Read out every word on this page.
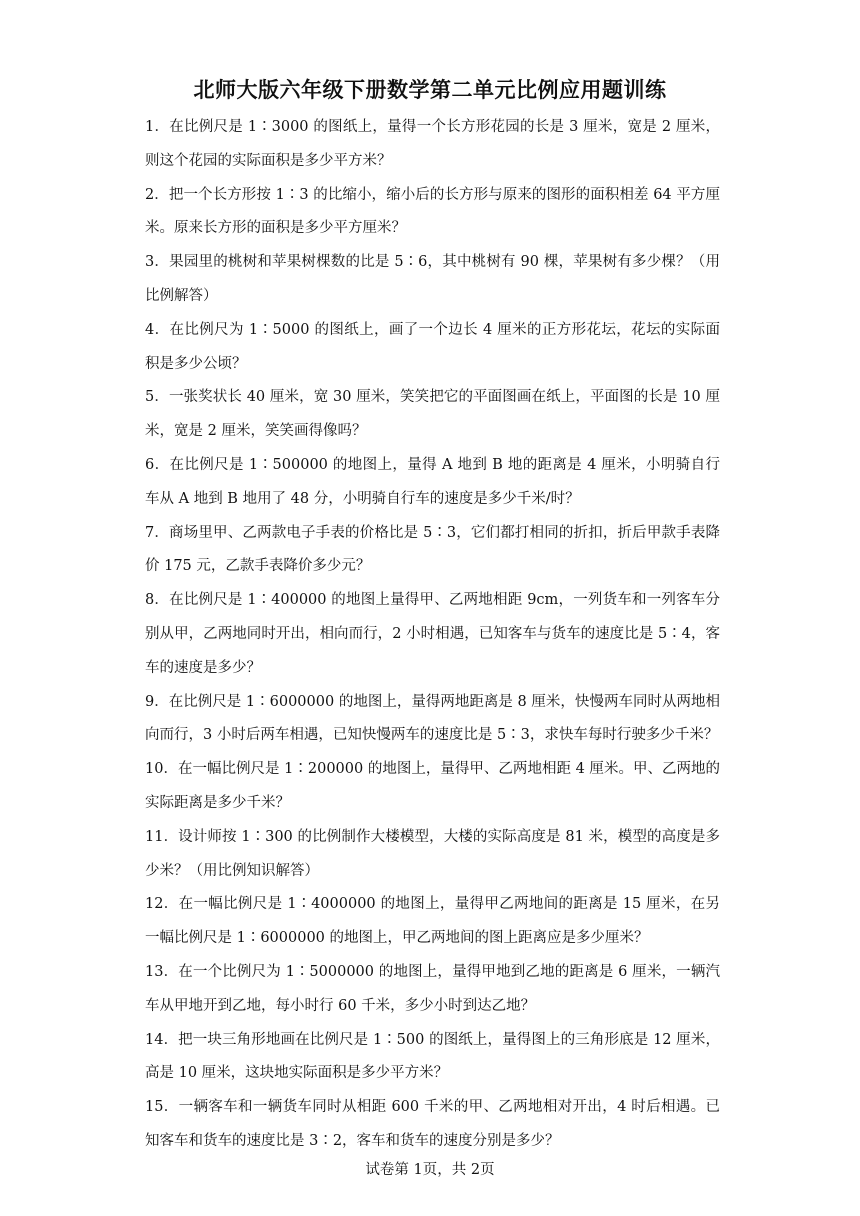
北师大版六年级下册数学第二单元比例应用题训练

1．在比例尺是 1∶3000 的图纸上，量得一个长方形花园的长是 3 厘米，宽是 2 厘米，则这个花园的实际面积是多少平方米？

2．把一个长方形按 1∶3 的比缩小，缩小后的长方形与原来的图形的面积相差 64 平方厘米。原来长方形的面积是多少平方厘米？

3．果园里的桃树和苹果树棵数的比是 5∶6，其中桃树有 90 棵，苹果树有多少棵？（用比例解答）

4．在比例尺为 1∶5000 的图纸上，画了一个边长 4 厘米的正方形花坛，花坛的实际面积是多少公顷？

5．一张奖状长 40 厘米，宽 30 厘米，笑笑把它的平面图画在纸上，平面图的长是 10 厘米，宽是 2 厘米，笑笑画得像吗？

6．在比例尺是 1∶500000 的地图上，量得 A 地到 B 地的距离是 4 厘米，小明骑自行车从 A 地到 B 地用了 48 分，小明骑自行车的速度是多少千米/时？

7．商场里甲、乙两款电子手表的价格比是 5∶3，它们都打相同的折扣，折后甲款手表降价 175 元，乙款手表降价多少元？

8．在比例尺是 1∶400000 的地图上量得甲、乙两地相距 9cm，一列货车和一列客车分别从甲，乙两地同时开出，相向而行，2 小时相遇，已知客车与货车的速度比是 5∶4，客车的速度是多少？

9．在比例尺是 1∶6000000 的地图上，量得两地距离是 8 厘米，快慢两车同时从两地相向而行，3 小时后两车相遇，已知快慢两车的速度比是 5∶3，求快车每时行驶多少千米？

10．在一幅比例尺是 1∶200000 的地图上，量得甲、乙两地相距 4 厘米。甲、乙两地的实际距离是多少千米？

11．设计师按 1∶300 的比例制作大楼模型，大楼的实际高度是 81 米，模型的高度是多少米？（用比例知识解答）

12．在一幅比例尺是 1∶4000000 的地图上，量得甲乙两地间的距离是 15 厘米，在另一幅比例尺是 1∶6000000 的地图上，甲乙两地间的图上距离应是多少厘米？

13．在一个比例尺为 1∶5000000 的地图上，量得甲地到乙地的距离是 6 厘米，一辆汽车从甲地开到乙地，每小时行 60 千米，多少小时到达乙地？

14．把一块三角形地画在比例尺是 1∶500 的图纸上，量得图上的三角形底是 12 厘米，高是 10 厘米，这块地实际面积是多少平方米？

15．一辆客车和一辆货车同时从相距 600 千米的甲、乙两地相对开出，4 时后相遇。已知客车和货车的速度比是 3∶2，客车和货车的速度分别是多少？

试卷第 1页，共 2页
